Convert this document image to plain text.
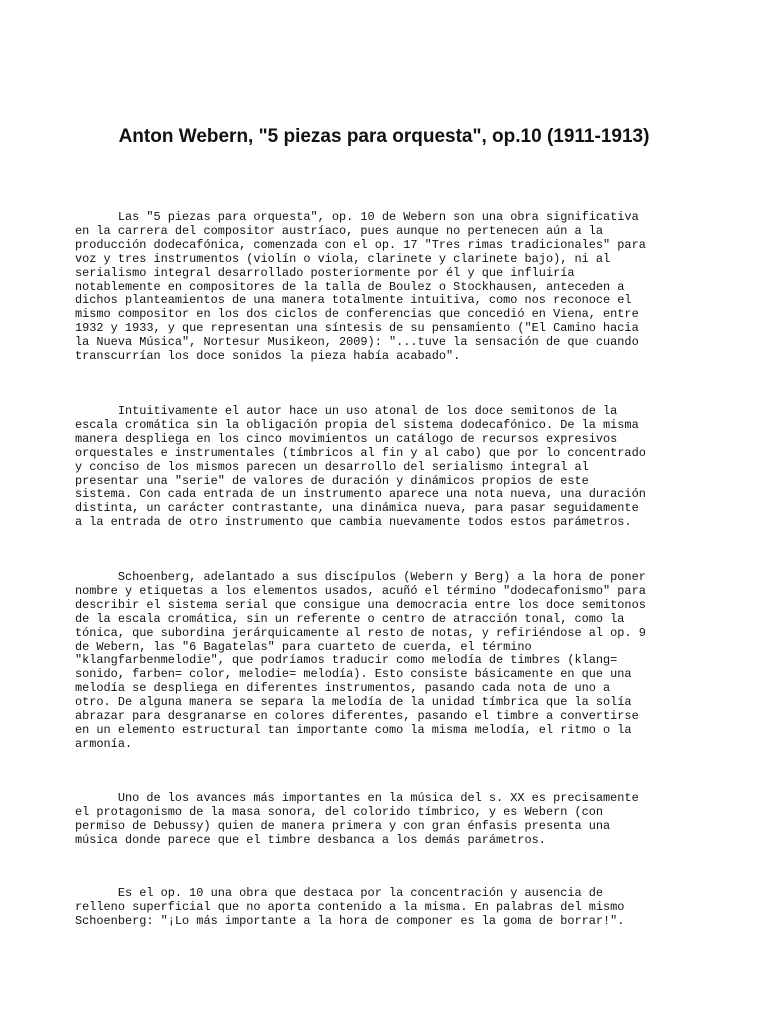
Anton Webern, "5 piezas para orquesta", op.10 (1911-1913)

Las "5 piezas para orquesta", op. 10 de Webern son una obra significativa
en la carrera del compositor austríaco, pues aunque no pertenecen aún a la
producción dodecafónica, comenzada con el op. 17 "Tres rimas tradicionales" para
voz y tres instrumentos (violín o viola, clarinete y clarinete bajo), ni al
serialismo integral desarrollado posteriormente por él y que influiría
notablemente en compositores de la talla de Boulez o Stockhausen, anteceden a
dichos planteamientos de una manera totalmente intuitiva, como nos reconoce el
mismo compositor en los dos ciclos de conferencias que concedió en Viena, entre
1932 y 1933, y que representan una síntesis de su pensamiento ("El Camino hacia
la Nueva Música", Nortesur Musikeon, 2009): "...tuve la sensación de que cuando
transcurrían los doce sonidos la pieza había acabado".

Intuitivamente el autor hace un uso atonal de los doce semitonos de la
escala cromática sin la obligación propia del sistema dodecafónico. De la misma
manera despliega en los cinco movimientos un catálogo de recursos expresivos
orquestales e instrumentales (tímbricos al fin y al cabo) que por lo concentrado
y conciso de los mismos parecen un desarrollo del serialismo integral al
presentar una "serie" de valores de duración y dinámicos propios de este
sistema. Con cada entrada de un instrumento aparece una nota nueva, una duración
distinta, un carácter contrastante, una dinámica nueva, para pasar seguidamente
a la entrada de otro instrumento que cambia nuevamente todos estos parámetros.

Schoenberg, adelantado a sus discípulos (Webern y Berg) a la hora de poner
nombre y etiquetas a los elementos usados, acuñó el término "dodecafonismo" para
describir el sistema serial que consigue una democracia entre los doce semitonos
de la escala cromática, sin un referente o centro de atracción tonal, como la
tónica, que subordina jerárquicamente al resto de notas, y refiriéndose al op. 9
de Webern, las "6 Bagatelas" para cuarteto de cuerda, el término
"klangfarbenmelodie", que podríamos traducir como melodía de timbres (klang=
sonido, farben= color, melodie= melodía). Esto consiste básicamente en que una
melodía se despliega en diferentes instrumentos, pasando cada nota de uno a
otro. De alguna manera se separa la melodía de la unidad tímbrica que la solía
abrazar para desgranarse en colores diferentes, pasando el timbre a convertirse
en un elemento estructural tan importante como la misma melodía, el ritmo o la
armonía.

Uno de los avances más importantes en la música del s. XX es precisamente
el protagonismo de la masa sonora, del colorido tímbrico, y es Webern (con
permiso de Debussy) quien de manera primera y con gran énfasis presenta una
música donde parece que el timbre desbanca a los demás parámetros.

Es el op. 10 una obra que destaca por la concentración y ausencia de
relleno superficial que no aporta contenido a la misma. En palabras del mismo
Schoenberg: "¡Lo más importante a la hora de componer es la goma de borrar!".
